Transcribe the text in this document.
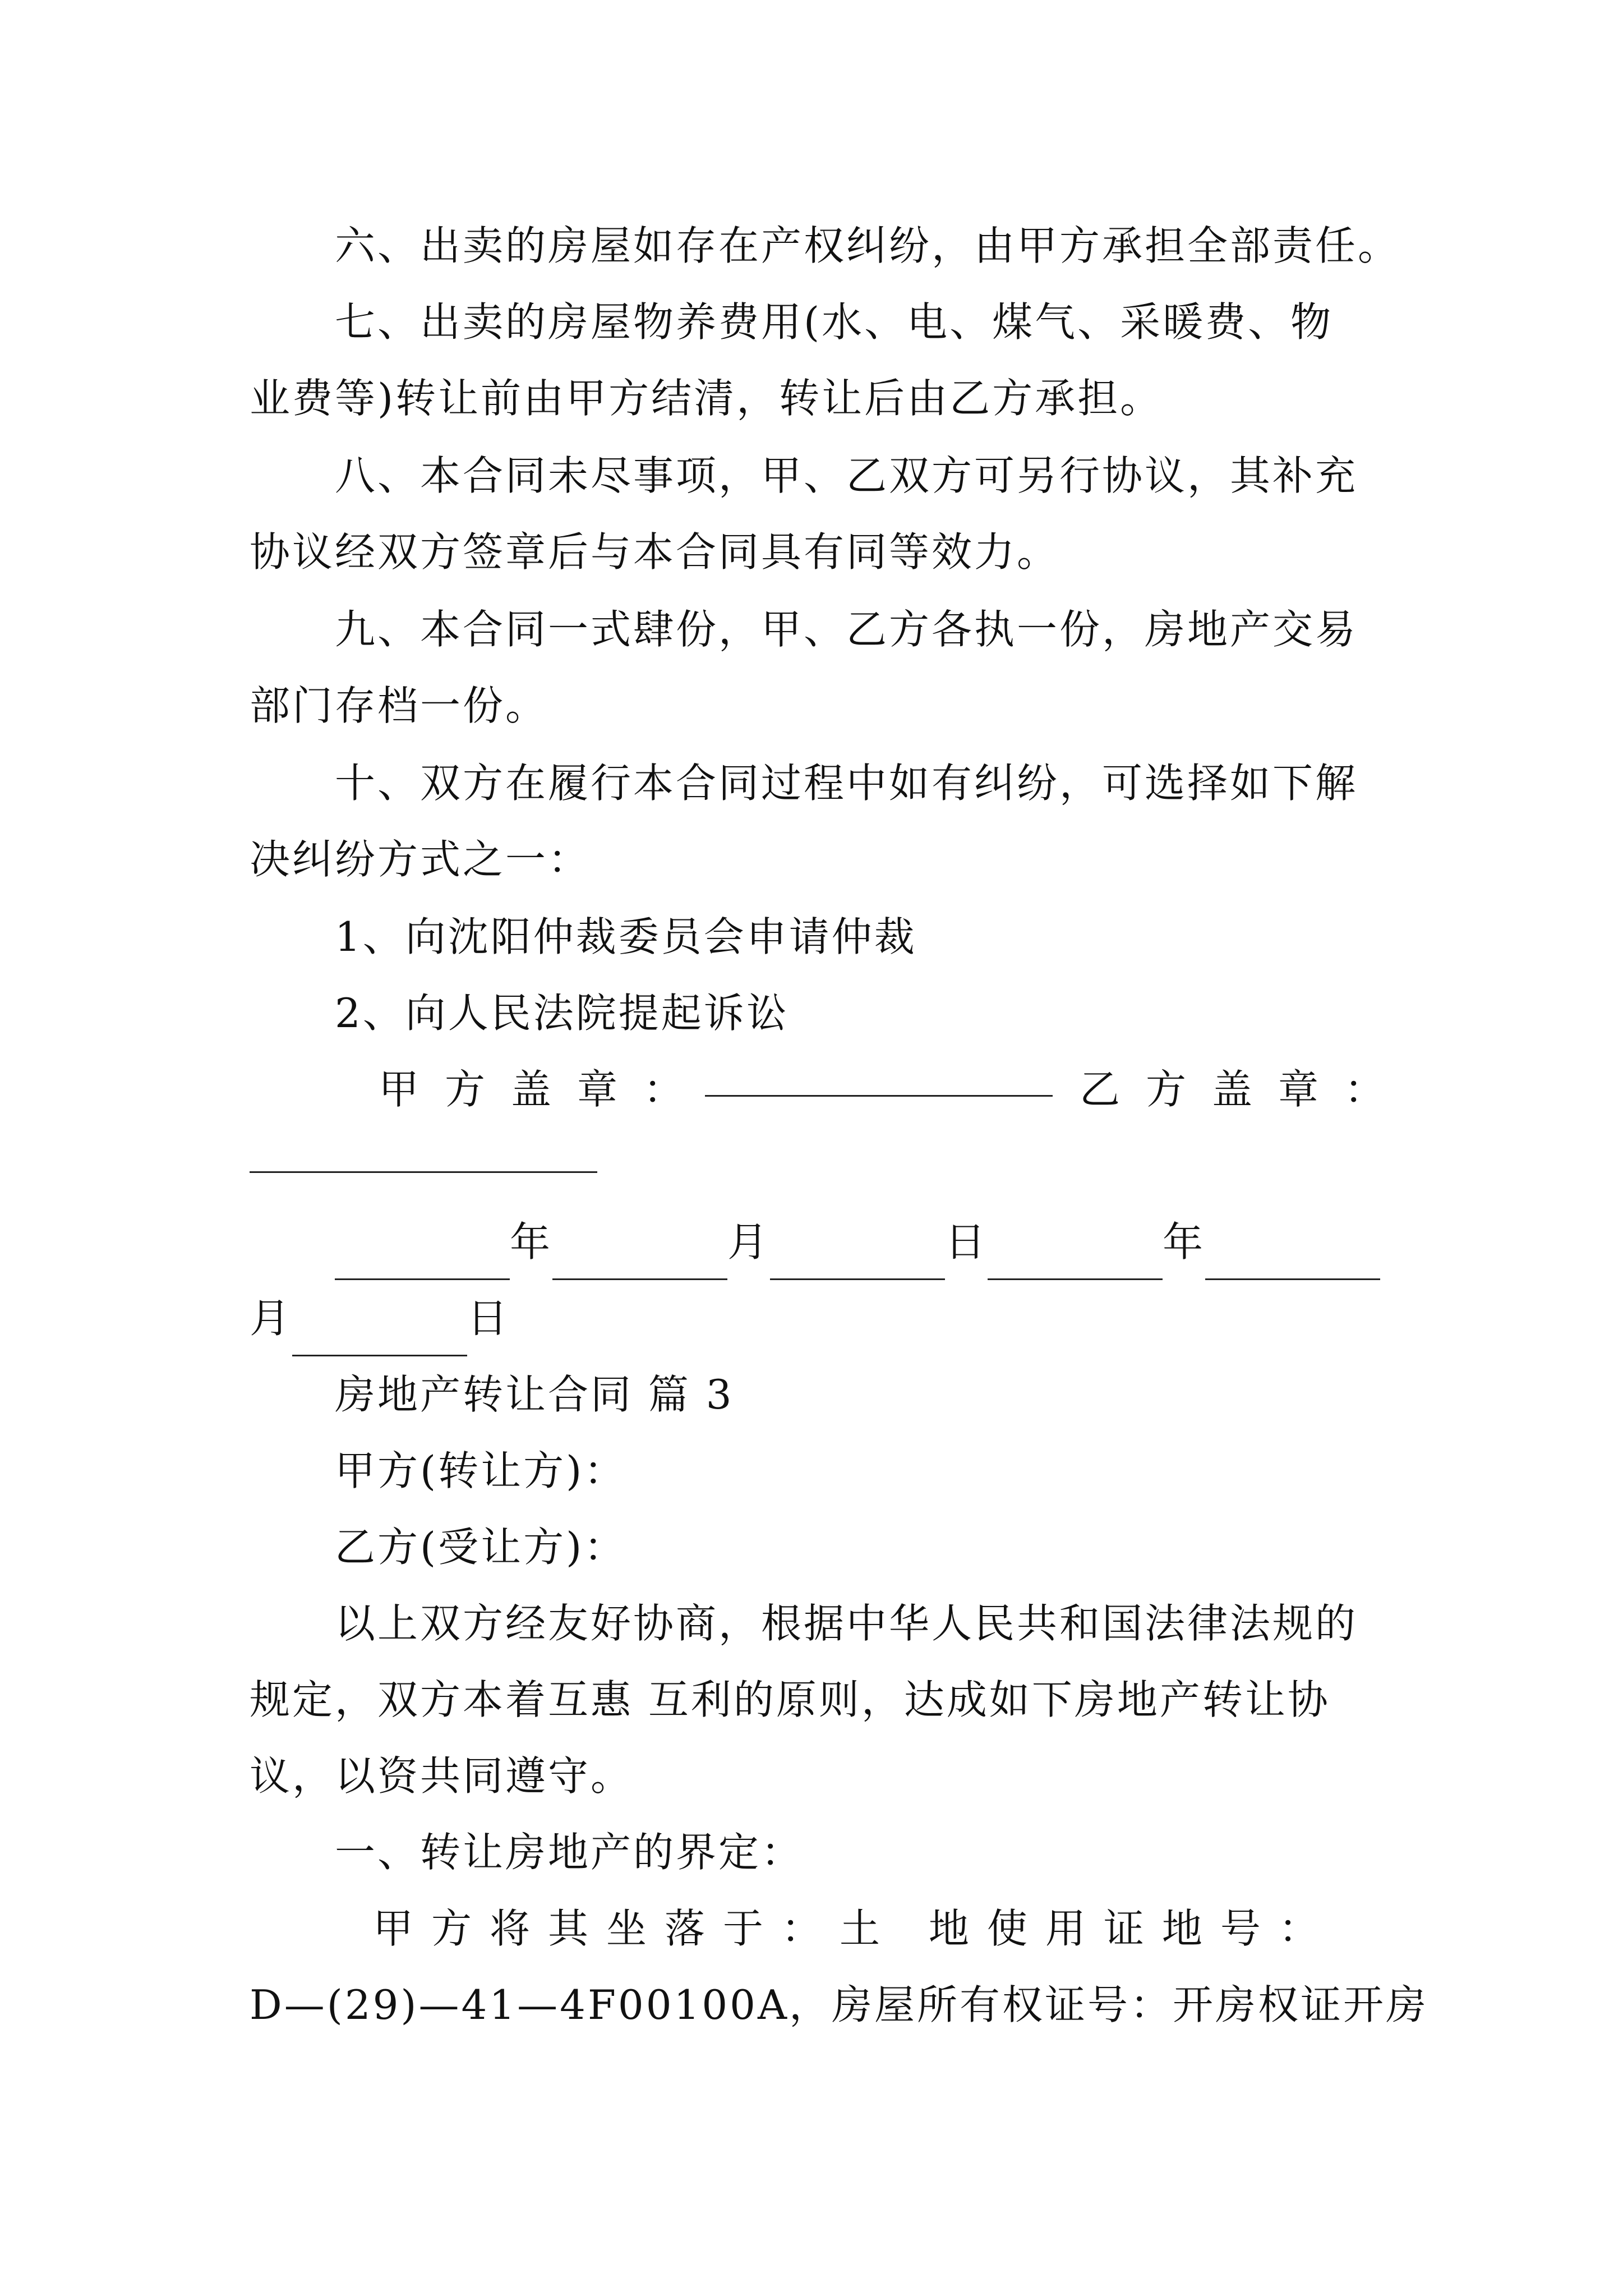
六、出卖的房屋如存在产权纠纷，由甲方承担全部责任。
七、出卖的房屋物养费用(水、电、煤气、采暖费、物
业费等)转让前由甲方结清，转让后由乙方承担。
八、本合同未尽事项，甲、乙双方可另行协议，其补充
协议经双方签章后与本合同具有同等效力。
九、本合同一式肆份，甲、乙方各执一份，房地产交易
部门存档一份。
十、双方在履行本合同过程中如有纠纷，可选择如下解
决纠纷方式之一：
1、向沈阳仲裁委员会申请仲裁
2、向人民法院提起诉讼
甲方盖章：	乙方盖章：
年	月	日	年
月	日
房地产转让合同 篇 3
甲方(转让方)：
乙方(受让方)：
以上双方经友好协商，根据中华人民共和国法律法规的
规定，双方本着互惠 互利的原则，达成如下房地产转让协
议，以资共同遵守。
一、转让房地产的界定：
甲方将其坐落于：土 地使用证地号：
D—(29)—41—4F00100A，房屋所有权证号：开房权证开房
